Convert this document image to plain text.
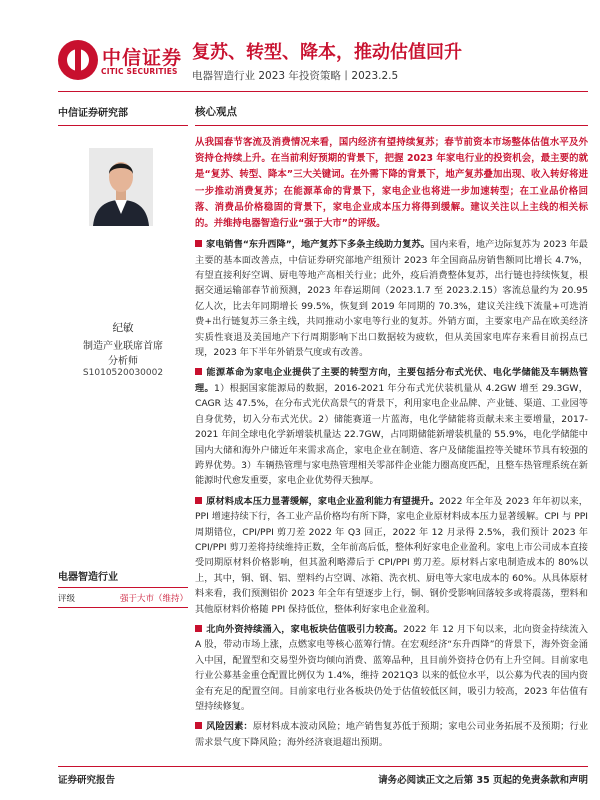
中信证券
CITIC SECURITIES
复苏、转型、降本，推动估值回升
电器智造行业 2023 年投资策略丨2023.2.5
中信证券研究部
纪敏
制造产业联席首席
分析师
S1010520030002
电器智造行业
评级	强于大市（维持）
核心观点
从我国春节客流及消费情况来看，国内经济有望持续复苏；春节前资本市场整体估值水平及外资持仓持续上升。在当前利好预期的背景下，把握 2023 年家电行业的投资机会，最主要的就是“复苏、转型、降本”三大关键词。在外需下降的背景下，地产复苏叠加出现、收入转好将进一步推动消费复苏；在能源革命的背景下，家电企业也将进一步加速转型；在工业品价格回落、消费品价格稳固的背景下，家电企业成本压力将得到缓解。建议关注以上主线的相关标的。并维持电器智造行业“强于大市”的评级。
家电销售“东升西降”，地产复苏下多条主线助力复苏。国内来看，地产边际复苏为 2023 年最主要的基本面改善点，中信证券研究部地产组预计 2023 年全国商品房销售额同比增长 4.7%，有望直接利好空调、厨电等地产高相关行业；此外，疫后消费整体复苏，出行链也持续恢复，根据交通运输部春节前预测，2023 年春运期间（2023.1.7 至 2023.2.15）客流总量约为 20.95 亿人次，比去年同期增长 99.5%，恢复到 2019 年同期的 70.3%，建议关注线下流量+可选消费+出行链复苏三条主线，共同推动小家电等行业的复苏。外销方面，主要家电产品在欧美经济实质性衰退及美国地产下行周期影响下出口数据较为疲软，但从美国家电库存来看目前拐点已现，2023 年下半年外销景气度或有改善。
能源革命为家电企业提供了主要的转型方向，主要包括分布式光伏、电化学储能及车辆热管理。1）根据国家能源局的数据，2016-2021 年分布式光伏装机量从 4.2GW 增至 29.3GW，CAGR 达 47.5%，在分布式光伏高景气的背景下，利用家电企业品牌、产业链、渠道、工业园等自身优势，切入分布式光伏。2）储能赛道一片蓝海，电化学储能将贡献未来主要增量，2017-2021 年间全球电化学新增装机量达 22.7GW，占同期储能新增装机量的 55.9%，电化学储能中国内大储和海外户储近年来需求高企，家电企业在制造、客户及储能温控等关键环节具有较强的跨界优势。3）车辆热管理与家电热管理相关零部件企业能力圈高度匹配，且整车热管理系统在新能源时代愈发重要，家电企业优势得天独厚。
原材料成本压力显著缓解，家电企业盈利能力有望提升。2022 年全年及 2023 年年初以来，PPI 增速持续下行，各工业产品价格均有所下降，家电企业原材料成本压力显著缓解。CPI 与 PPI 周期错位，CPI/PPI 剪刀差 2022 年 Q3 回正，2022 年 12 月录得 2.5%，我们预计 2023 年 CPI/PPI 剪刀差将持续维持正数，全年前高后低，整体利好家电企业盈利。家电上市公司成本直接受同期原材料价格影响，但其盈利略滞后于 CPI/PPI 剪刀差。原材料占家电制造成本的 80%以上，其中，铜、钢、铝、塑料约占空调、冰箱、洗衣机、厨电等大家电成本的 60%。从具体原材料来看，我们预测铝价 2023 年全年有望逐步上行，铜、钢价受影响回落较多或将震荡，塑料和其他原材料价格随 PPI 保持低位，整体利好家电企业盈利。
北向外资持续涌入，家电板块估值吸引力较高。2022 年 12 月下旬以来，北向资金持续流入 A 股，带动市场上涨，点燃家电等核心蓝筹行情。在宏观经济“东升西降”的背景下，海外资金涌入中国，配置型和交易型外资均倾向消费、蓝筹品种，且目前外资持仓仍有上升空间。目前家电行业公募基金重仓配置比例仅为 1.4%，维持 2021Q3 以来的低位水平，以公募为代表的国内资金有充足的配置空间。目前家电行业各板块仍处于估值较低区间，吸引力较高，2023 年估值有望持续修复。
风险因素：原材料成本波动风险；地产销售复苏低于预期；家电公司业务拓展不及预期；行业需求景气度下降风险；海外经济衰退超出预期。
证券研究报告	请务必阅读正文之后第 35 页起的免责条款和声明
